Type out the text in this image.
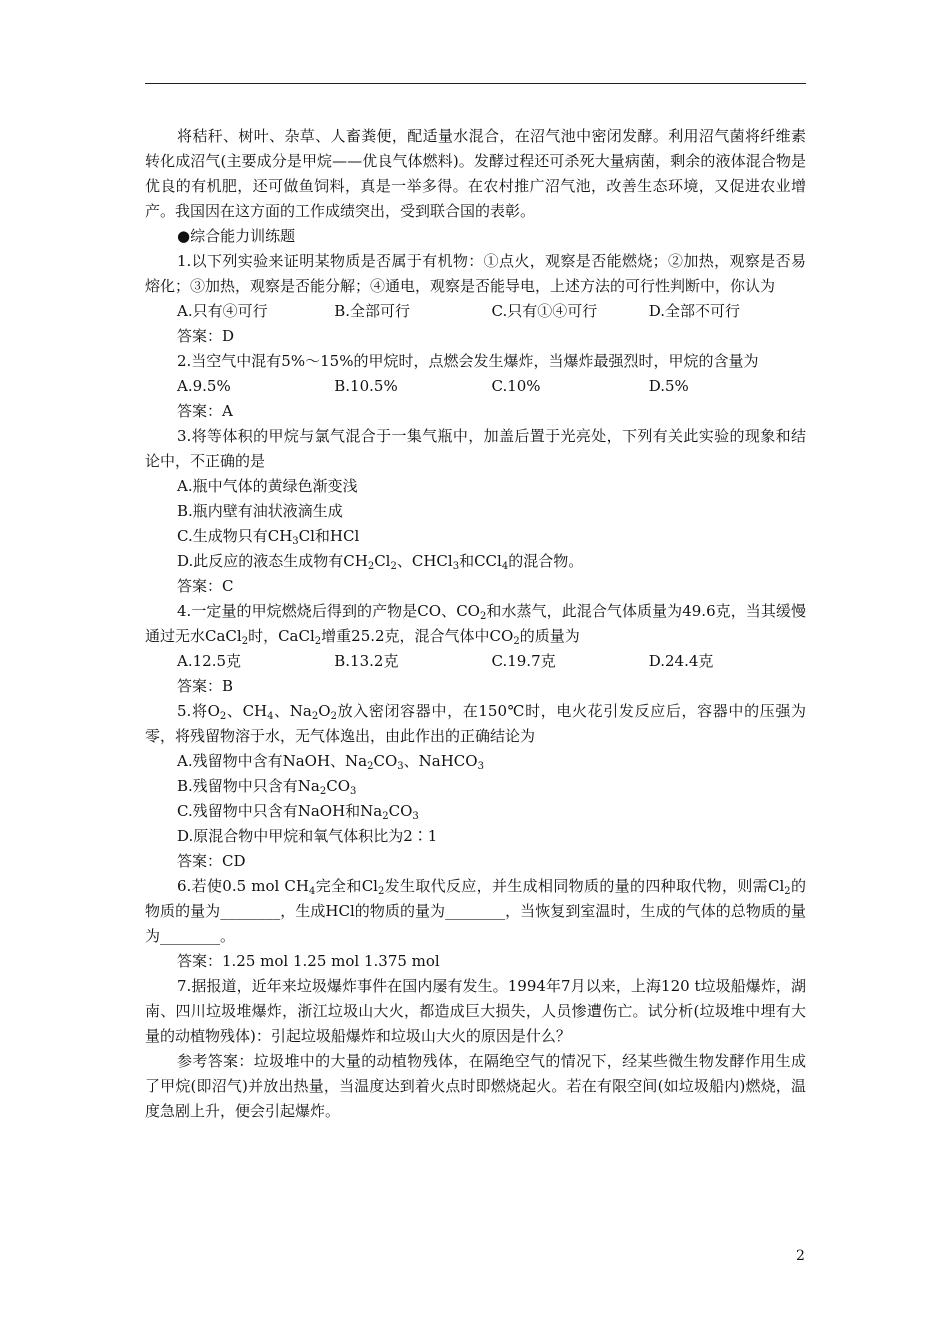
将秸秆、树叶、杂草、人畜粪便，配适量水混合，在沼气池中密闭发酵。利用沼气菌将纤维素转化成沼气(主要成分是甲烷——优良气体燃料)。发酵过程还可杀死大量病菌，剩余的液体混合物是优良的有机肥，还可做鱼饲料，真是一举多得。在农村推广沼气池，改善生态环境，又促进农业增产。我国因在这方面的工作成绩突出，受到联合国的表彰。

●综合能力训练题

1.以下列实验来证明某物质是否属于有机物：①点火，观察是否能燃烧；②加热，观察是否易熔化；③加热，观察是否能分解；④通电，观察是否能导电，上述方法的可行性判断中，你认为

A.只有④可行	B.全部可行	C.只有①④可行	D.全部不可行

答案：D

2.当空气中混有5%～15%的甲烷时，点燃会发生爆炸，当爆炸最强烈时，甲烷的含量为

A.9.5%	B.10.5%	C.10%	D.5%

答案：A

3.将等体积的甲烷与氯气混合于一集气瓶中，加盖后置于光亮处，下列有关此实验的现象和结论中，不正确的是

A.瓶中气体的黄绿色渐变浅

B.瓶内壁有油状液滴生成

C.生成物只有$CH_3Cl$和HCl

D.此反应的液态生成物有$CH_2Cl_2$、CHCl$_3$和CCl$_4$的混合物。

答案：C

4.一定量的甲烷燃烧后得到的产物是CO、$CO_2$和水蒸气，此混合气体质量为49.6克，当其缓慢通过无水CaCl$_2$时，CaCl$_2$增重25.2克，混合气体中$CO_2$的质量为

A.12.5克	B.13.2克	C.19.7克	D.24.4克

答案：B

5.将$O_2$、$CH_4$、$Na_2O_2$放入密闭容器中，在150℃时，电火花引发反应后，容器中的压强为零，将残留物溶于水，无气体逸出，由此作出的正确结论为

A.残留物中含有NaOH、$Na_2CO_3$、NaHCO$_3$

B.残留物中只含有$Na_2CO_3$

C.残留物中只含有NaOH和$Na_2CO_3$

D.原混合物中甲烷和氧气体积比为2∶1

答案：CD

6.若使0.5 mol $CH_4$完全和$Cl_2$发生取代反应，并生成相同物质的量的四种取代物，则需$Cl_2$的物质的量为________，生成HCl的物质的量为________，当恢复到室温时，生成的气体的总物质的量为________。

答案：1.25 mol 1.25 mol 1.375 mol

7.据报道，近年来垃圾爆炸事件在国内屡有发生。1994年7月以来，上海120 t垃圾船爆炸，湖南、四川垃圾堆爆炸，浙江垃圾山大火，都造成巨大损失，人员惨遭伤亡。试分析(垃圾堆中埋有大量的动植物残体)：引起垃圾船爆炸和垃圾山大火的原因是什么？

参考答案：垃圾堆中的大量的动植物残体，在隔绝空气的情况下，经某些微生物发酵作用生成了甲烷(即沼气)并放出热量，当温度达到着火点时即燃烧起火。若在有限空间(如垃圾船内)燃烧，温度急剧上升，便会引起爆炸。

2
